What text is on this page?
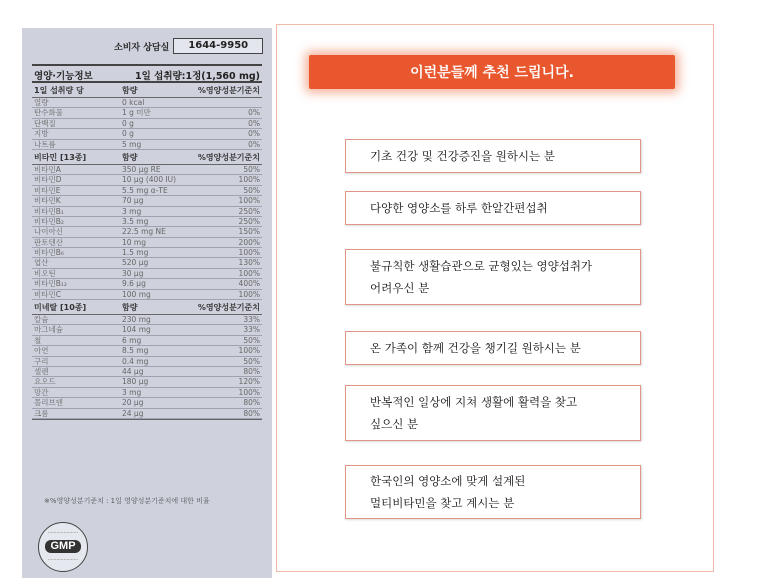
소비자 상담실	1644-9950
영양·기능정보	1일 섭취량:1정(1,560 mg)
1일 섭취량 당	함량	%영양성분기준치
열량	0 kcal
탄수화물	1 g 미만	0%
단백질	0 g	0%
지방	0 g	0%
나트륨	5 mg	0%
비타민 [13종]	함량	%영양성분기준치
비타민A	350 μg RE	50%
비타민D	10 μg (400 IU)	100%
비타민E	5.5 mg α-TE	50%
비타민K	70 μg	100%
비타민B₁	3 mg	250%
비타민B₂	3.5 mg	250%
나이아신	22.5 mg NE	150%
판토텐산	10 mg	200%
비타민B₆	1.5 mg	100%
엽산	520 μg	130%
비오틴	30 μg	100%
비타민B₁₂	9.6 μg	400%
비타민C	100 mg	100%
미네랄 [10종]	함량	%영양성분기준치
칼슘	230 mg	33%
마그네슘	104 mg	33%
철	6 mg	50%
아연	8.5 mg	100%
구리	0.4 mg	50%
셀렌	44 μg	80%
요오드	180 μg	120%
망간	3 mg	100%
몰리브덴	20 μg	80%
크롬	24 μg	80%
※%영양성분기준치 : 1일 영양성분기준치에 대한 비율
·····················
GMP
·····················
이런분들께 추천 드립니다.
기초 건강 및 건강증진을 원하시는 분
다양한 영양소를 하루 한알간편섭취
불규칙한 생활습관으로 균형있는 영양섭취가
어려우신 분
온 가족이 함께 건강을 챙기길 원하시는 분
반복적인 일상에 지쳐 생활에 활력을 찾고
싶으신 분
한국인의 영양소에 맞게 설계된
멀티비타민을 찾고 계시는 분
